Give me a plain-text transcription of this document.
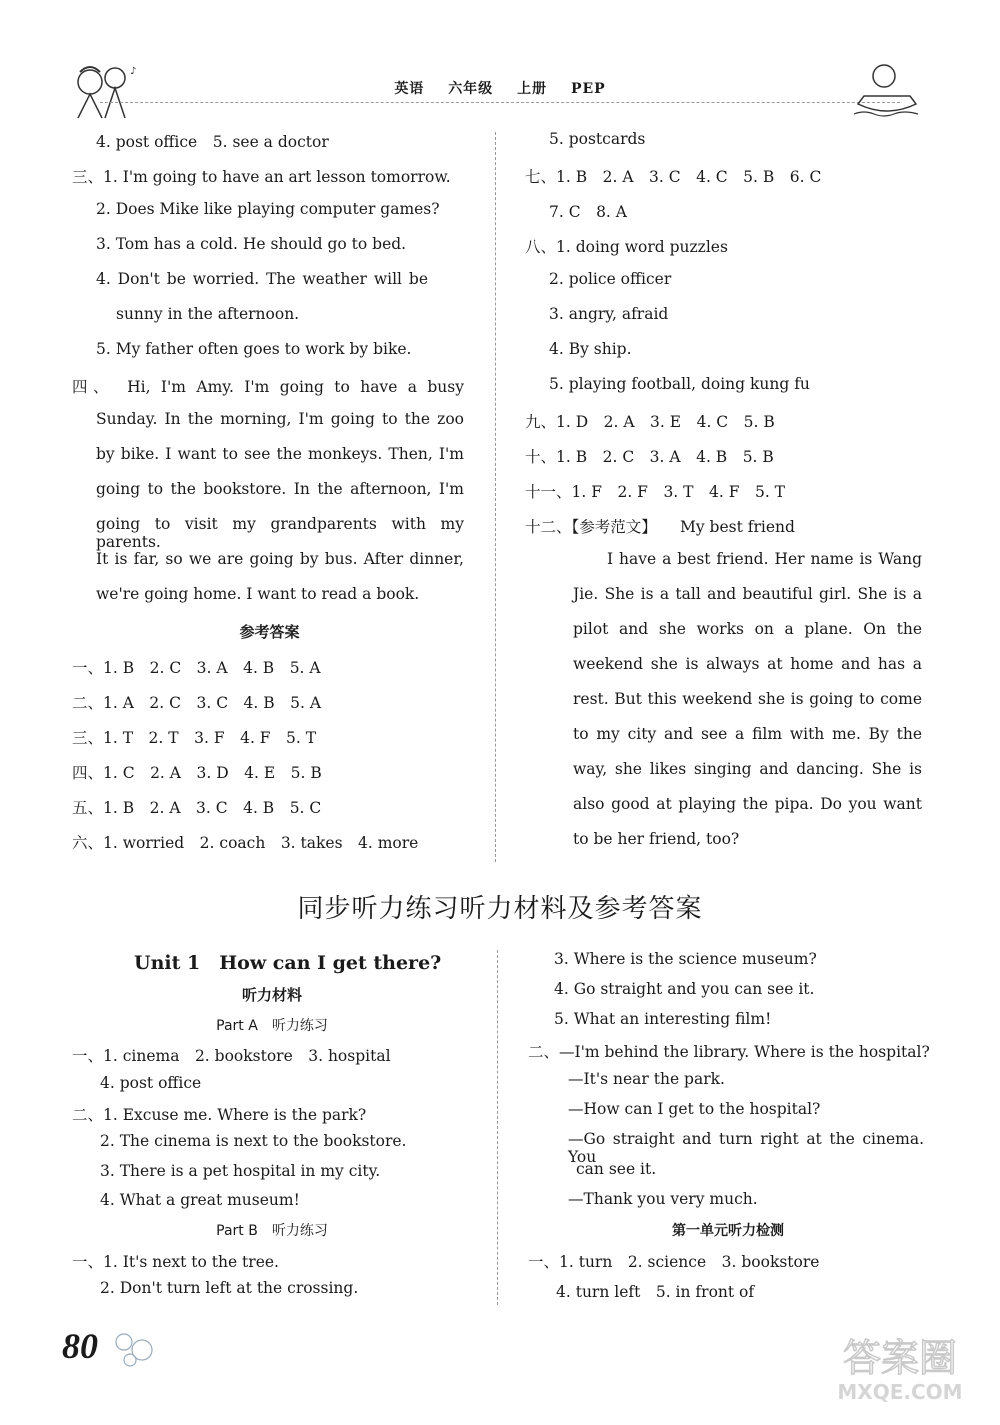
♪
英语 六年级 上册 PEP
4. post office　5. see a doctor
三、1. I'm going to have an art lesson tomorrow.
2. Does Mike like playing computer games?
3. Tom has a cold. He should go to bed.
4. Don't be worried. The weather will be
sunny in the afternoon.
5. My father often goes to work by bike.
四、　Hi, I'm Amy. I'm going to have a busy
Sunday. In the morning, I'm going to the zoo
by bike. I want to see the monkeys. Then, I'm
going to the bookstore. In the afternoon, I'm
going to visit my grandparents with my parents.
It is far, so we are going by bus. After dinner,
we're going home. I want to read a book.
参考答案
一、1. B　2. C　3. A　4. B　5. A
二、1. A　2. C　3. C　4. B　5. A
三、1. T　2. T　3. F　4. F　5. T
四、1. C　2. A　3. D　4. E　5. B
五、1. B　2. A　3. C　4. B　5. C
六、1. worried　2. coach　3. takes　4. more
5. postcards
七、1. B　2. A　3. C　4. C　5. B　6. C
7. C　8. A
八、1. doing word puzzles
2. police officer
3. angry, afraid
4. By ship.
5. playing football, doing kung fu
九、1. D　2. A　3. E　4. C　5. B
十、1. B　2. C　3. A　4. B　5. B
十一、1. F　2. F　3. T　4. F　5. T
十二、【参考范文】　　My best friend
I have a best friend. Her name is Wang
Jie. She is a tall and beautiful girl. She is a
pilot and she works on a plane. On the
weekend she is always at home and has a
rest. But this weekend she is going to come
to my city and see a film with me. By the
way, she likes singing and dancing. She is
also good at playing the pipa. Do you want
to be her friend, too?
同步听力练习听力材料及参考答案
Unit 1　How can I get there?
听力材料
Part A　听力练习
一、1. cinema　2. bookstore　3. hospital
4. post office
二、1. Excuse me. Where is the park?
2. The cinema is next to the bookstore.
3. There is a pet hospital in my city.
4. What a great museum!
Part B　听力练习
一、1. It's next to the tree.
2. Don't turn left at the crossing.
3. Where is the science museum?
4. Go straight and you can see it.
5. What an interesting film!
二、—I'm behind the library. Where is the hospital?
—It's near the park.
—How can I get to the hospital?
—Go straight and turn right at the cinema. You
can see it.
—Thank you very much.
第一单元听力检测
一、1. turn　2. science　3. bookstore
4. turn left　5. in front of
80	答案圈
MXQE.COM
